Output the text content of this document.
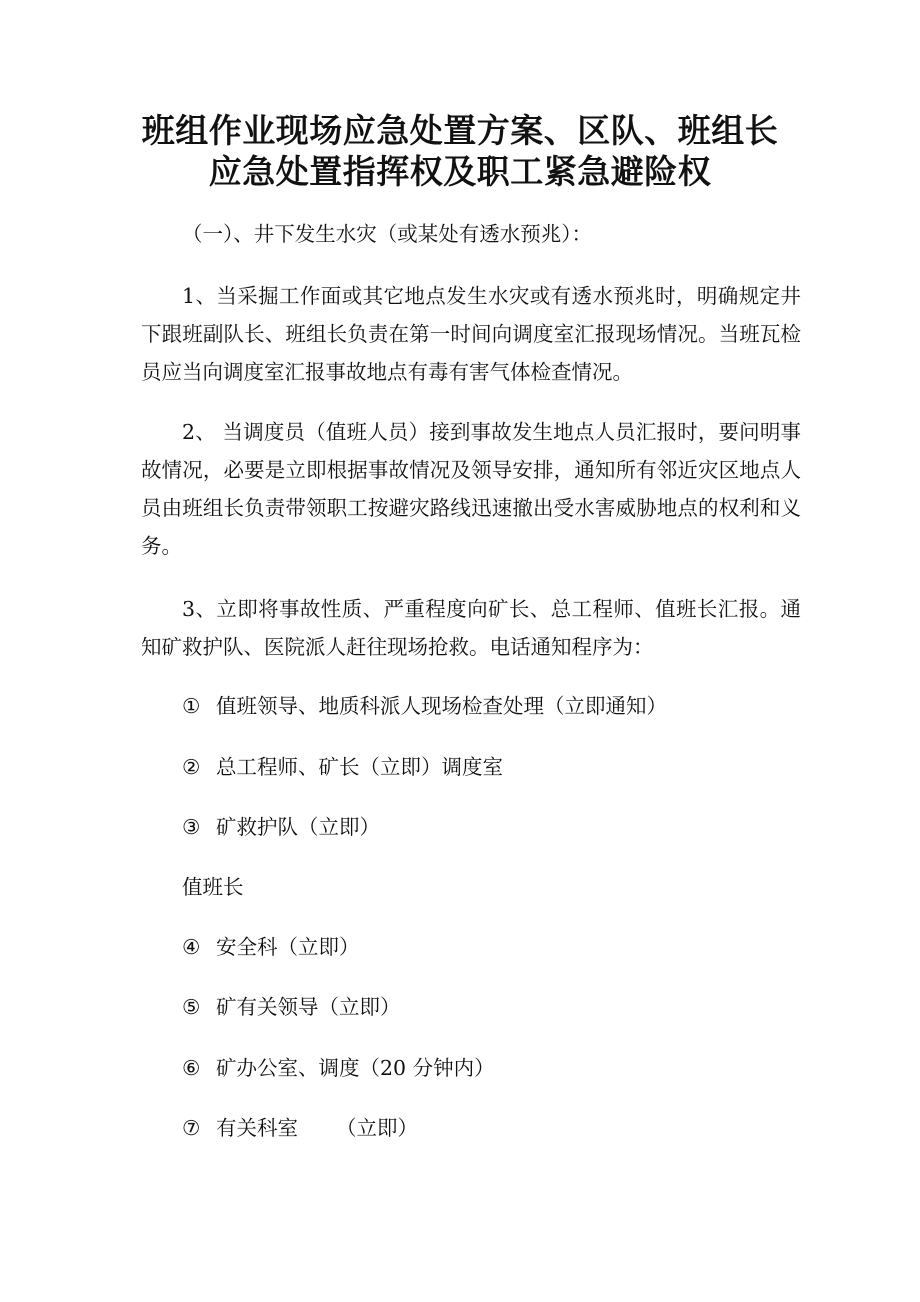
班组作业现场应急处置方案、区队、班组长
应急处置指挥权及职工紧急避险权

（一）、井下发生水灾（或某处有透水预兆）：

1、当采掘工作面或其它地点发生水灾或有透水预兆时，明确规定井下跟班副队长、班组长负责在第一时间向调度室汇报现场情况。当班瓦检员应当向调度室汇报事故地点有毒有害气体检查情况。

2、 当调度员（值班人员）接到事故发生地点人员汇报时，要问明事故情况，必要是立即根据事故情况及领导安排，通知所有邻近灾区地点人员由班组长负责带领职工按避灾路线迅速撤出受水害威胁地点的权利和义务。

3、立即将事故性质、严重程度向矿长、总工程师、值班长汇报。通知矿救护队、医院派人赶往现场抢救。电话通知程序为：

① 值班领导、地质科派人现场检查处理（立即通知）

② 总工程师、矿长（立即）调度室

③ 矿救护队（立即）

值班长

④ 安全科（立即）

⑤ 矿有关领导（立即）

⑥ 矿办公室、调度（20 分钟内）

⑦ 有关科室 （立即）
